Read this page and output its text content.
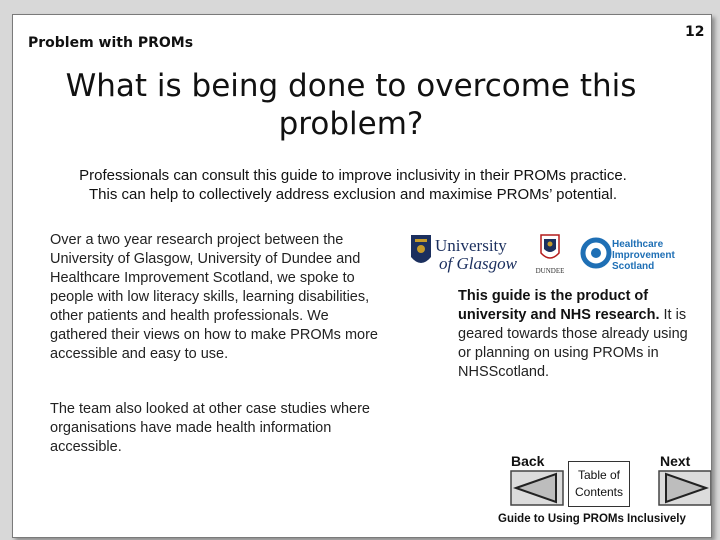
Problem with PROMs
12
What is being done to overcome this problem?
Professionals can consult this guide to improve inclusivity in their PROMs practice.
This can help to collectively address exclusion and maximise PROMs’ potential.
Over a two year research project between the University of Glasgow, University of Dundee and Healthcare Improvement Scotland, we spoke to people with low literacy skills, learning disabilities, other patients and health professionals. We gathered their views on how to make PROMs more accessible and easy to use.
The team also looked at other case studies where organisations have made health information accessible.
University
of Glasgow	DUNDEE
Healthcare
Improvement
Scotland
This guide is the product of university and NHS research. It is geared towards those already using or planning on using PROMs in NHSScotland.
Back
Table of
Contents
Next
Guide to Using PROMs Inclusively
